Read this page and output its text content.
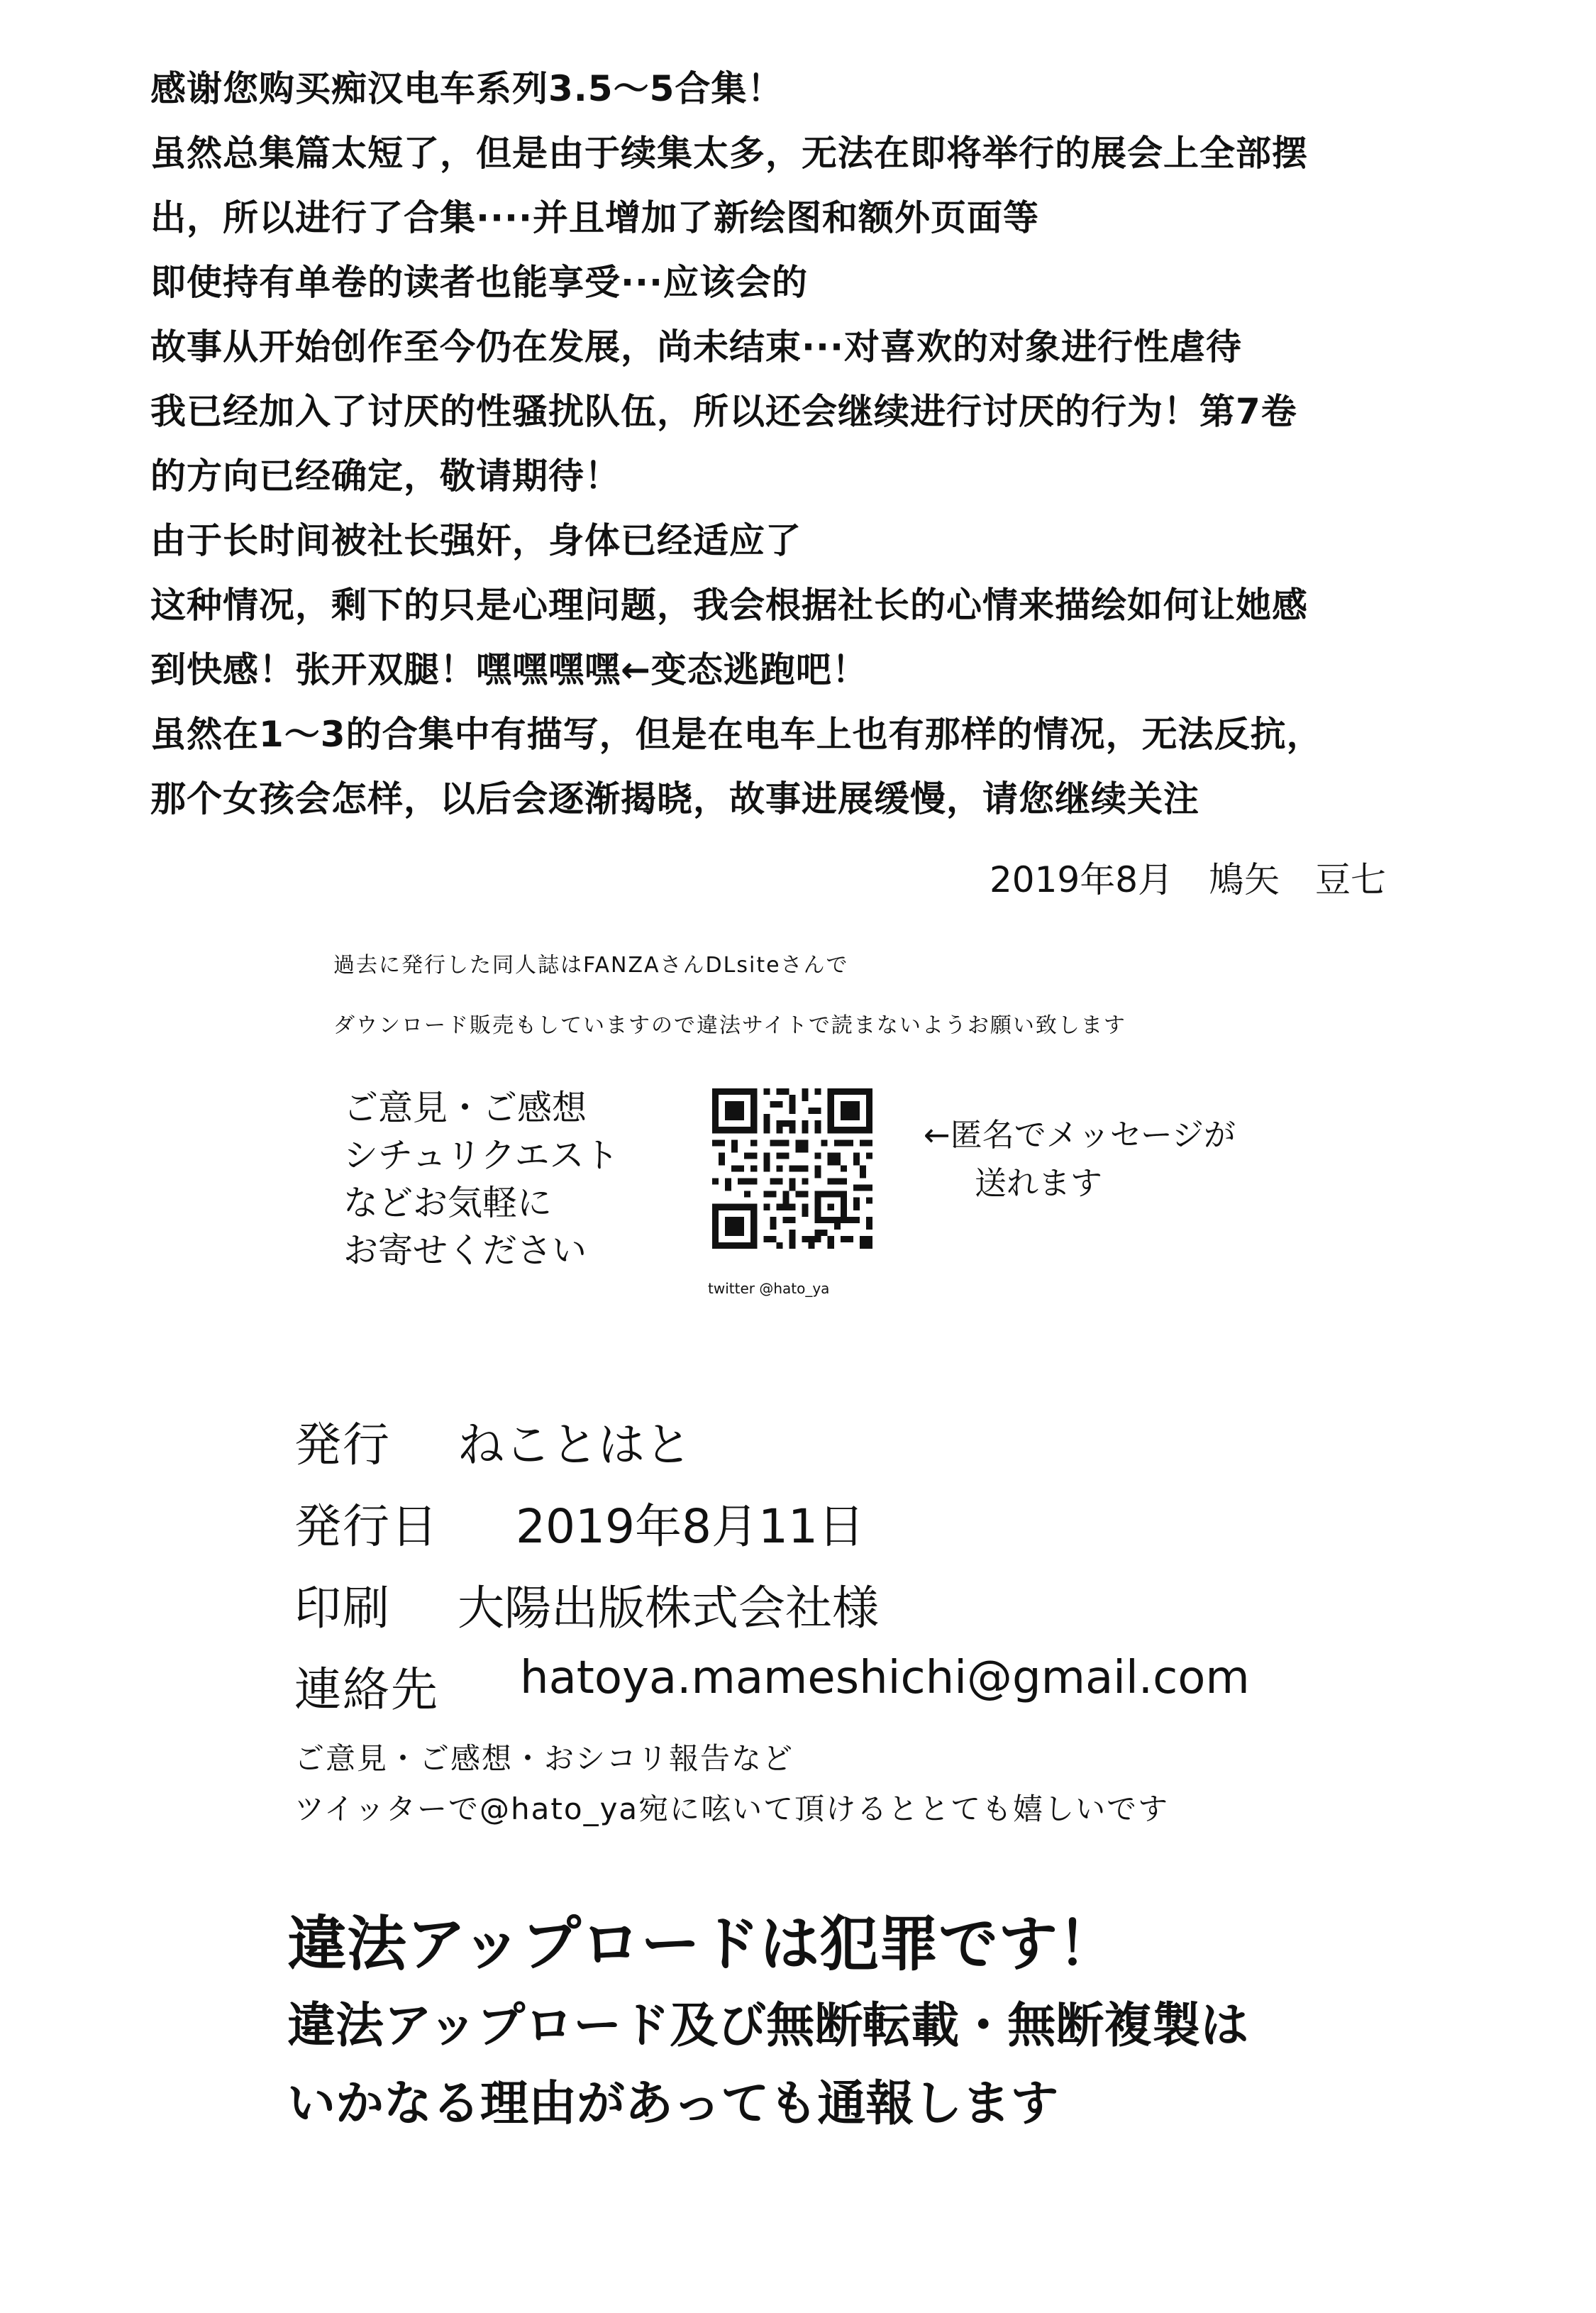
感谢您购买痴汉电车系列3.5～5合集！
虽然总集篇太短了，但是由于续集太多，无法在即将举行的展会上全部摆
出，所以进行了合集····并且增加了新绘图和额外页面等
即使持有单卷的读者也能享受···应该会的
故事从开始创作至今仍在发展，尚未结束···对喜欢的对象进行性虐待
我已经加入了讨厌的性骚扰队伍，所以还会继续进行讨厌的行为！第7卷
的方向已经确定，敬请期待！
由于长时间被社长强奸，身体已经适应了
这种情况，剩下的只是心理问题，我会根据社长的心情来描绘如何让她感
到快感！张开双腿！嘿嘿嘿嘿←变态逃跑吧！
虽然在1～3的合集中有描写，但是在电车上也有那样的情况，无法反抗，
那个女孩会怎样，以后会逐渐揭晓，故事进展缓慢，请您继续关注
2019年8月　鳩矢　豆七
過去に発行した同人誌はFANZAさんDLsiteさんで
ダウンロード販売もしていますので違法サイトで読まないようお願い致します
ご意見・ご感想
シチュリクエスト
などお気軽に
お寄せください
twitter @hato_ya
←匿名でメッセージが
送れます
発行 ねことはと
発行日 2019年8月11日
印刷 大陽出版株式会社様
連絡先 hatoya.mameshichi@gmail.com
ご意見・ご感想・おシコリ報告など
ツイッターで@hato_ya宛に呟いて頂けるととても嬉しいです
違法アップロードは犯罪です！
違法アップロード及び無断転載・無断複製は
いかなる理由があっても通報します
